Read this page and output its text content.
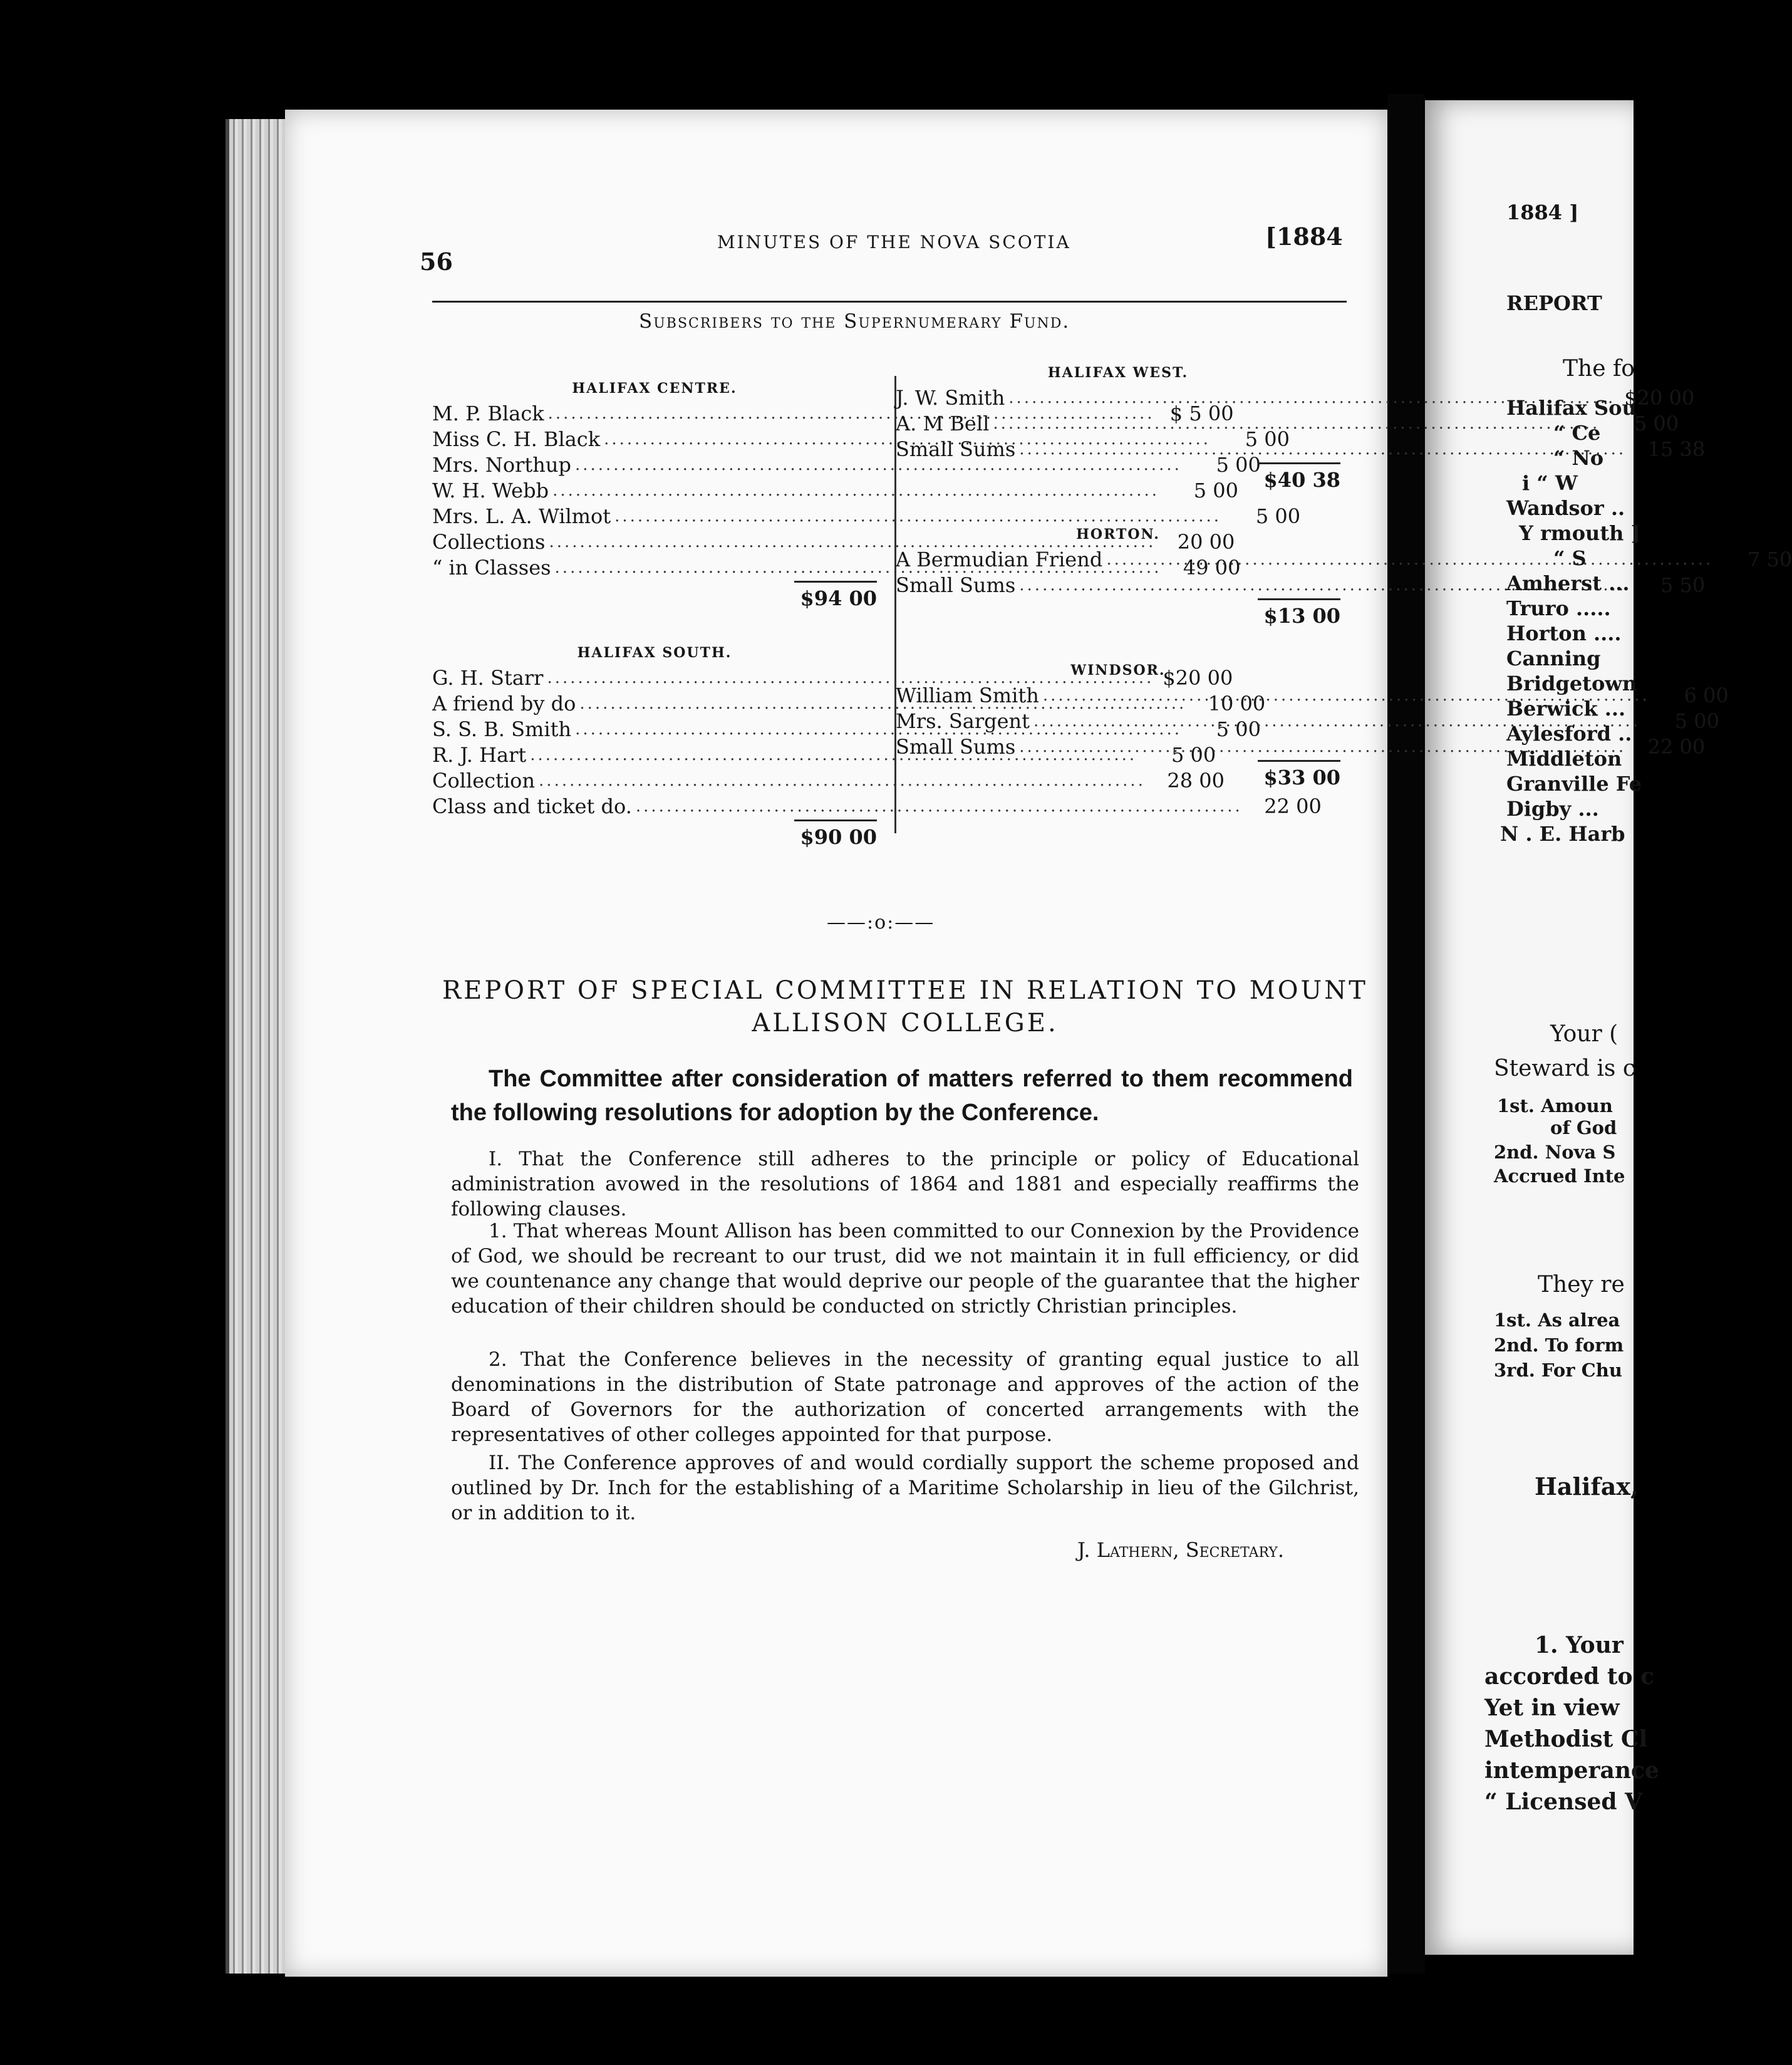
56
MINUTES OF THE NOVA SCOTIA	[1884
Subscribers to the Supernumerary Fund.
HALIFAX CENTRE.
M. P. Black .....	$ 5 00
Miss C. H. Black .....	5 00
Mrs. Northup .....	5 00
W. H. Webb .....	5 00
Mrs. L. A. Wilmot .....	5 00
Collections .....	20 00
“ in Classes .....	49 00
$94 00
HALIFAX SOUTH.
G. H. Starr .....	$20 00
A friend by do .....	10 00
S. S. B. Smith .....	5 00
R. J. Hart .....	5 00
Collection .....	28 00
Class and ticket do. .....	22 00
$90 00
HALIFAX WEST.
J. W. Smith .....	$20 00
A. M Bell .....	5 00
Small Sums .....	15 38
$40 38
HORTON.
A Bermudian Friend .....	7 50
Small Sums .....	5 50
$13 00
WINDSOR.
William Smith .....	6 00
Mrs. Sargent .....	5 00
Small Sums .....	22 00
$33 00
——:o:——
REPORT OF SPECIAL COMMITTEE IN RELATION TO MOUNT
ALLISON COLLEGE.
The Committee after consideration of matters referred to them recommend the following resolutions for adoption by the Conference.
I. That the Conference still adheres to the principle or policy of Educational administration avowed in the resolutions of 1864 and 1881 and especially reaffirms the following clauses.
1. That whereas Mount Allison has been committed to our Connexion by the Providence of God, we should be recreant to our trust, did we not maintain it in full efficiency, or did we countenance any change that would deprive our people of the guarantee that the higher education of their children should be conducted on strictly Christian principles.
2. That the Conference believes in the necessity of granting equal justice to all denominations in the distribution of State patronage and approves of the action of the Board of Governors for the authorization of concerted arrangements with the representatives of other colleges appointed for that purpose.
II. The Conference approves of and would cordially support the scheme proposed and outlined by Dr. Inch for the establishing of a Maritime Scholarship in lieu of the Gilchrist, or in addition to it.
J. Lathern, Secretary.
1884 ]
REPORT
The fo
Halifax Sou
“ Ce
“ No
i “ W
Wandsor ..
Y rmouth ]
“ S
Amherst ...
Truro .....
Horton ....
Canning
Bridgetown
Berwick ...
Aylesford ..
Middleton
Granville Fe
Digby ...
N . E. Harb
Your (
Steward is c
1st. Amoun
of God
2nd. Nova S
Accrued Inte
They re
1st. As alrea
2nd. To form
3rd. For Chu
Halifax,
1. Your
accorded to c
Yet in view
Methodist Cl
intemperance
“ Licensed V
